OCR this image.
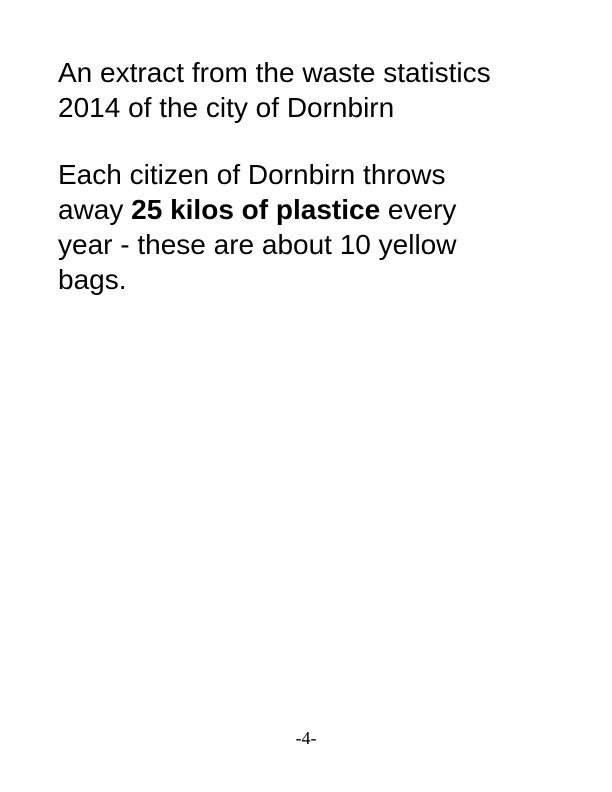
An extract from the waste statistics
2014 of the city of Dornbirn

Each citizen of Dornbirn throws
away 25 kilos of plastice every
year - these are about 10 yellow
bags.

-4-
